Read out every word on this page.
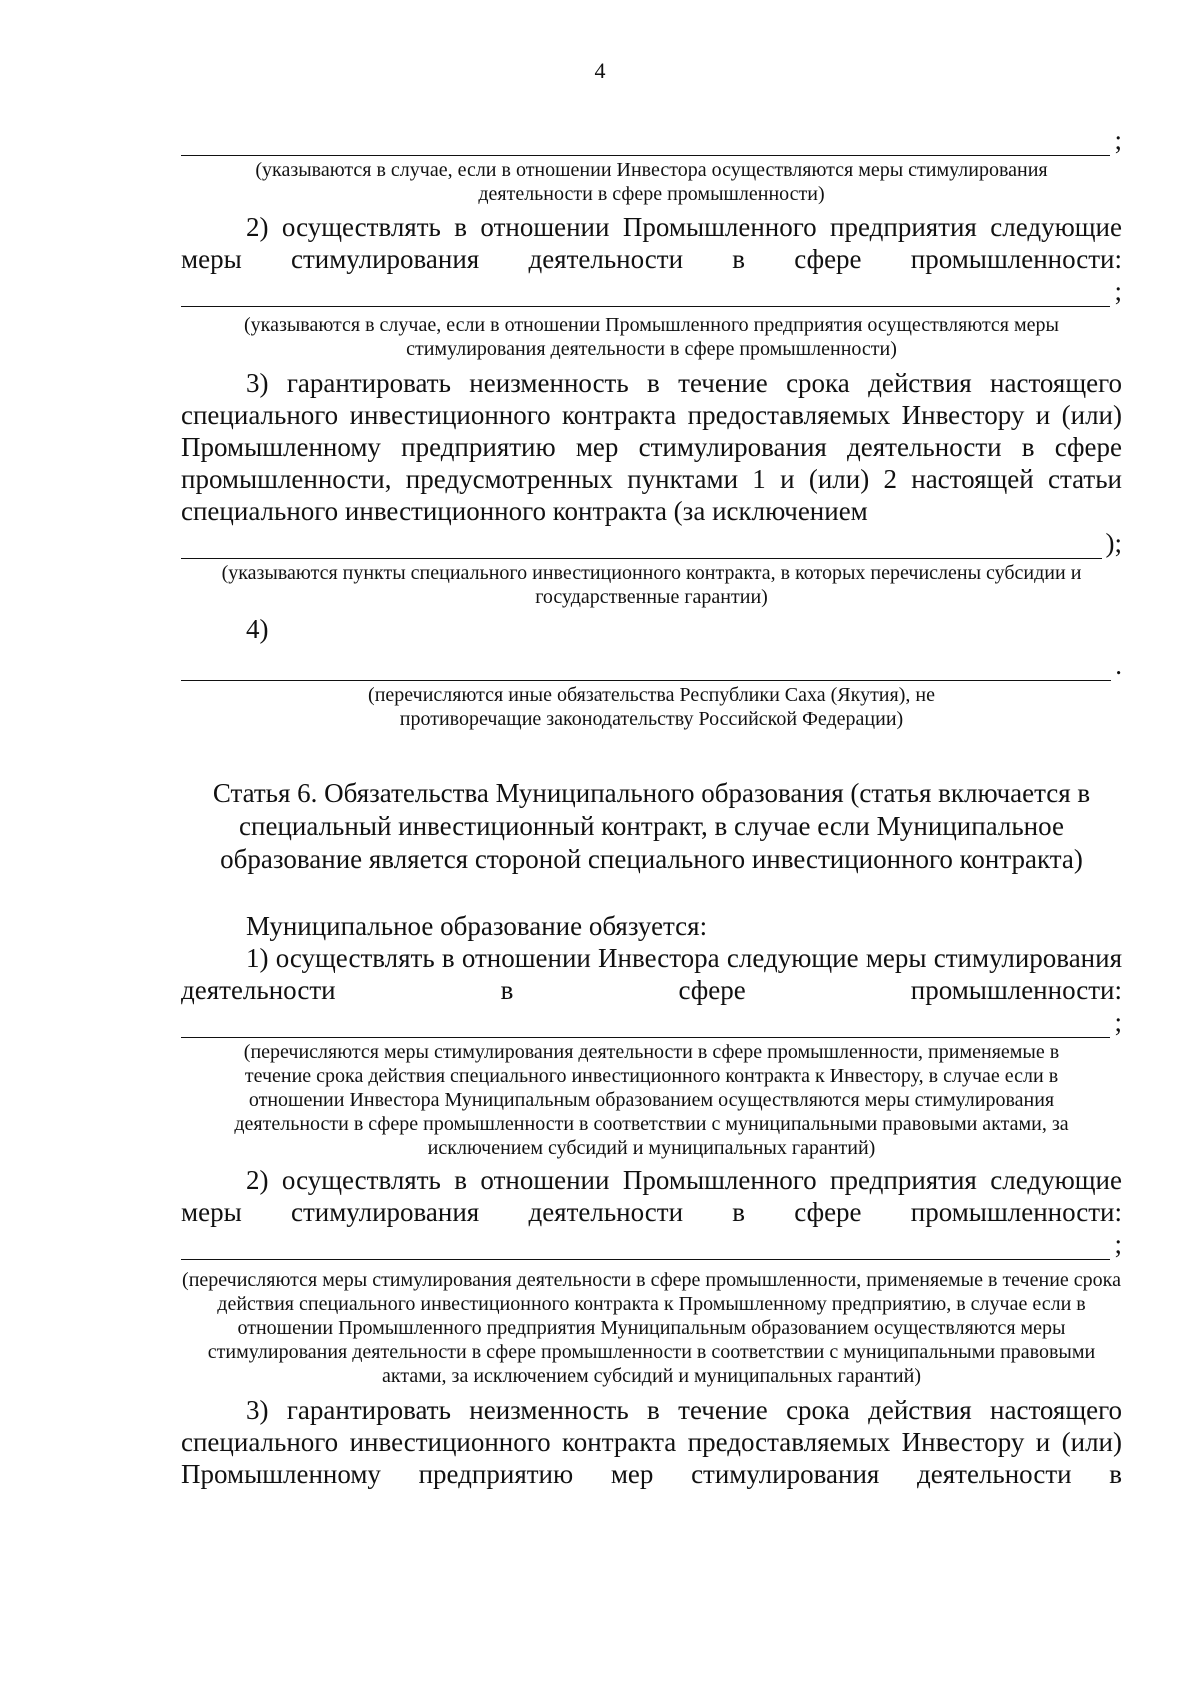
4
;

(указываются в случае, если в отношении Инвестора осуществляются меры стимулирования деятельности в сфере промышленности)

2) осуществлять в отношении Промышленного предприятия следующие меры стимулирования деятельности в сфере промышленности:

;

(указываются в случае, если в отношении Промышленного предприятия осуществляются меры стимулирования деятельности в сфере промышленности)

3) гарантировать неизменность в течение срока действия настоящего специального инвестиционного контракта предоставляемых Инвестору и (или) Промышленному предприятию мер стимулирования деятельности в сфере промышленности, предусмотренных пунктами 1 и (или) 2 настоящей статьи специального инвестиционного контракта (за исключением

);

(указываются пункты специального инвестиционного контракта, в которых перечислены субсидии и государственные гарантии)

4)

.

(перечисляются иные обязательства Республики Саха (Якутия), не противоречащие законодательству Российской Федерации)

Статья 6. Обязательства Муниципального образования (статья включается в специальный инвестиционный контракт, в случае если Муниципальное образование является стороной специального инвестиционного контракта)

Муниципальное образование обязуется:

1) осуществлять в отношении Инвестора следующие меры стимулирования деятельности в сфере промышленности:

;

(перечисляются меры стимулирования деятельности в сфере промышленности, применяемые в течение срока действия специального инвестиционного контракта к Инвестору, в случае если в отношении Инвестора Муниципальным образованием осуществляются меры стимулирования деятельности в сфере промышленности в соответствии с муниципальными правовыми актами, за исключением субсидий и муниципальных гарантий)

2) осуществлять в отношении Промышленного предприятия следующие меры стимулирования деятельности в сфере промышленности:

;

(перечисляются меры стимулирования деятельности в сфере промышленности, применяемые в течение срока действия специального инвестиционного контракта к Промышленному предприятию, в случае если в отношении Промышленного предприятия Муниципальным образованием осуществляются меры стимулирования деятельности в сфере промышленности в соответствии с муниципальными правовыми актами, за исключением субсидий и муниципальных гарантий)

3) гарантировать неизменность в течение срока действия настоящего специального инвестиционного контракта предоставляемых Инвестору и (или) Промышленному предприятию мер стимулирования деятельности в
